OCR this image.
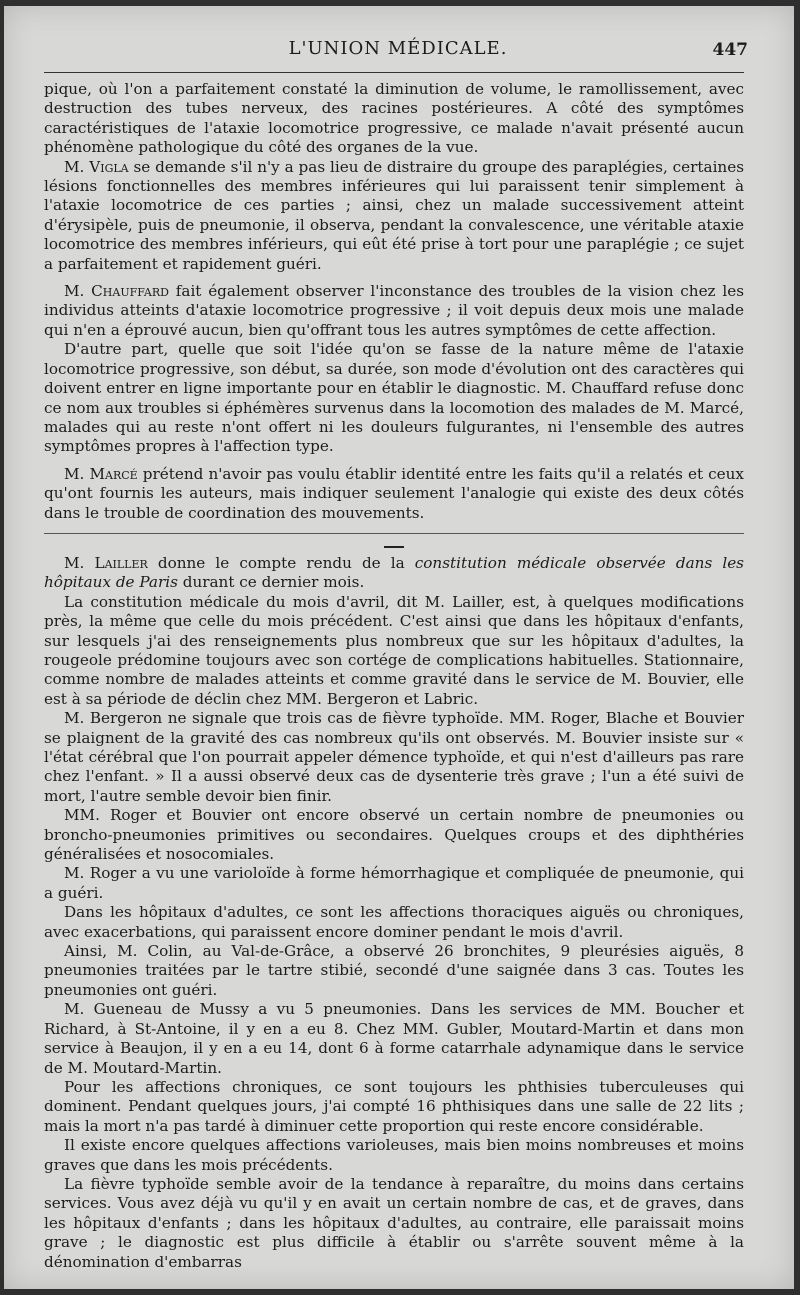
L'UNION MÉDICALE.	447

pique, où l'on a parfaitement constaté la diminution de volume, le ramollissement, avec destruction des tubes nerveux, des racines postérieures. A côté des symptômes caractéristiques de l'ataxie locomotrice progressive, ce malade n'avait présenté aucun phénomène pathologique du côté des organes de la vue.

M. Vigla se demande s'il n'y a pas lieu de distraire du groupe des paraplégies, certaines lésions fonctionnelles des membres inférieures qui lui paraissent tenir simplement à l'ataxie locomotrice de ces parties ; ainsi, chez un malade successivement atteint d'érysipèle, puis de pneumonie, il observa, pendant la convalescence, une véritable ataxie locomotrice des membres inférieurs, qui eût été prise à tort pour une paraplégie ; ce sujet a parfaitement et rapidement guéri.

M. Chauffard fait également observer l'inconstance des troubles de la vision chez les individus atteints d'ataxie locomotrice progressive ; il voit depuis deux mois une malade qui n'en a éprouvé aucun, bien qu'offrant tous les autres symptômes de cette affection.

D'autre part, quelle que soit l'idée qu'on se fasse de la nature même de l'ataxie locomotrice progressive, son début, sa durée, son mode d'évolution ont des caractères qui doivent entrer en ligne importante pour en établir le diagnostic. M. Chauffard refuse donc ce nom aux troubles si éphémères survenus dans la locomotion des malades de M. Marcé, malades qui au reste n'ont offert ni les douleurs fulgurantes, ni l'ensemble des autres symptômes propres à l'affection type.

M. Marcé prétend n'avoir pas voulu établir identité entre les faits qu'il a relatés et ceux qu'ont fournis les auteurs, mais indiquer seulement l'analogie qui existe des deux côtés dans le trouble de coordination des mouvements.

M. Lailler donne le compte rendu de la constitution médicale observée dans les hôpitaux de Paris durant ce dernier mois.

La constitution médicale du mois d'avril, dit M. Lailler, est, à quelques modifications près, la même que celle du mois précédent. C'est ainsi que dans les hôpitaux d'enfants, sur lesquels j'ai des renseignements plus nombreux que sur les hôpitaux d'adultes, la rougeole prédomine toujours avec son cortége de complications habituelles. Stationnaire, comme nombre de malades atteints et comme gravité dans le service de M. Bouvier, elle est à sa période de déclin chez MM. Bergeron et Labric.

M. Bergeron ne signale que trois cas de fièvre typhoïde. MM. Roger, Blache et Bouvier se plaignent de la gravité des cas nombreux qu'ils ont observés. M. Bouvier insiste sur « l'état cérébral que l'on pourrait appeler démence typhoïde, et qui n'est d'ailleurs pas rare chez l'enfant. » Il a aussi observé deux cas de dysenterie très grave ; l'un a été suivi de mort, l'autre semble devoir bien finir.

MM. Roger et Bouvier ont encore observé un certain nombre de pneumonies ou broncho-pneumonies primitives ou secondaires. Quelques croups et des diphthéries généralisées et nosocomiales.

M. Roger a vu une varioloïde à forme hémorrhagique et compliquée de pneumonie, qui a guéri.

Dans les hôpitaux d'adultes, ce sont les affections thoraciques aiguës ou chroniques, avec exacerbations, qui paraissent encore dominer pendant le mois d'avril.

Ainsi, M. Colin, au Val-de-Grâce, a observé 26 bronchites, 9 pleurésies aiguës, 8 pneumonies traitées par le tartre stibié, secondé d'une saignée dans 3 cas. Toutes les pneumonies ont guéri.

M. Gueneau de Mussy a vu 5 pneumonies. Dans les services de MM. Boucher et Richard, à St-Antoine, il y en a eu 8. Chez MM. Gubler, Moutard-Martin et dans mon service à Beaujon, il y en a eu 14, dont 6 à forme catarrhale adynamique dans le service de M. Moutard-Martin.

Pour les affections chroniques, ce sont toujours les phthisies tuberculeuses qui dominent. Pendant quelques jours, j'ai compté 16 phthisiques dans une salle de 22 lits ; mais la mort n'a pas tardé à diminuer cette proportion qui reste encore considérable.

Il existe encore quelques affections varioleuses, mais bien moins nombreuses et moins graves que dans les mois précédents.

La fièvre typhoïde semble avoir de la tendance à reparaître, du moins dans certains services. Vous avez déjà vu qu'il y en avait un certain nombre de cas, et de graves, dans les hôpitaux d'enfants ; dans les hôpitaux d'adultes, au contraire, elle paraissait moins grave ; le diagnostic est plus difficile à établir ou s'arrête souvent même à la dénomination d'embarras
